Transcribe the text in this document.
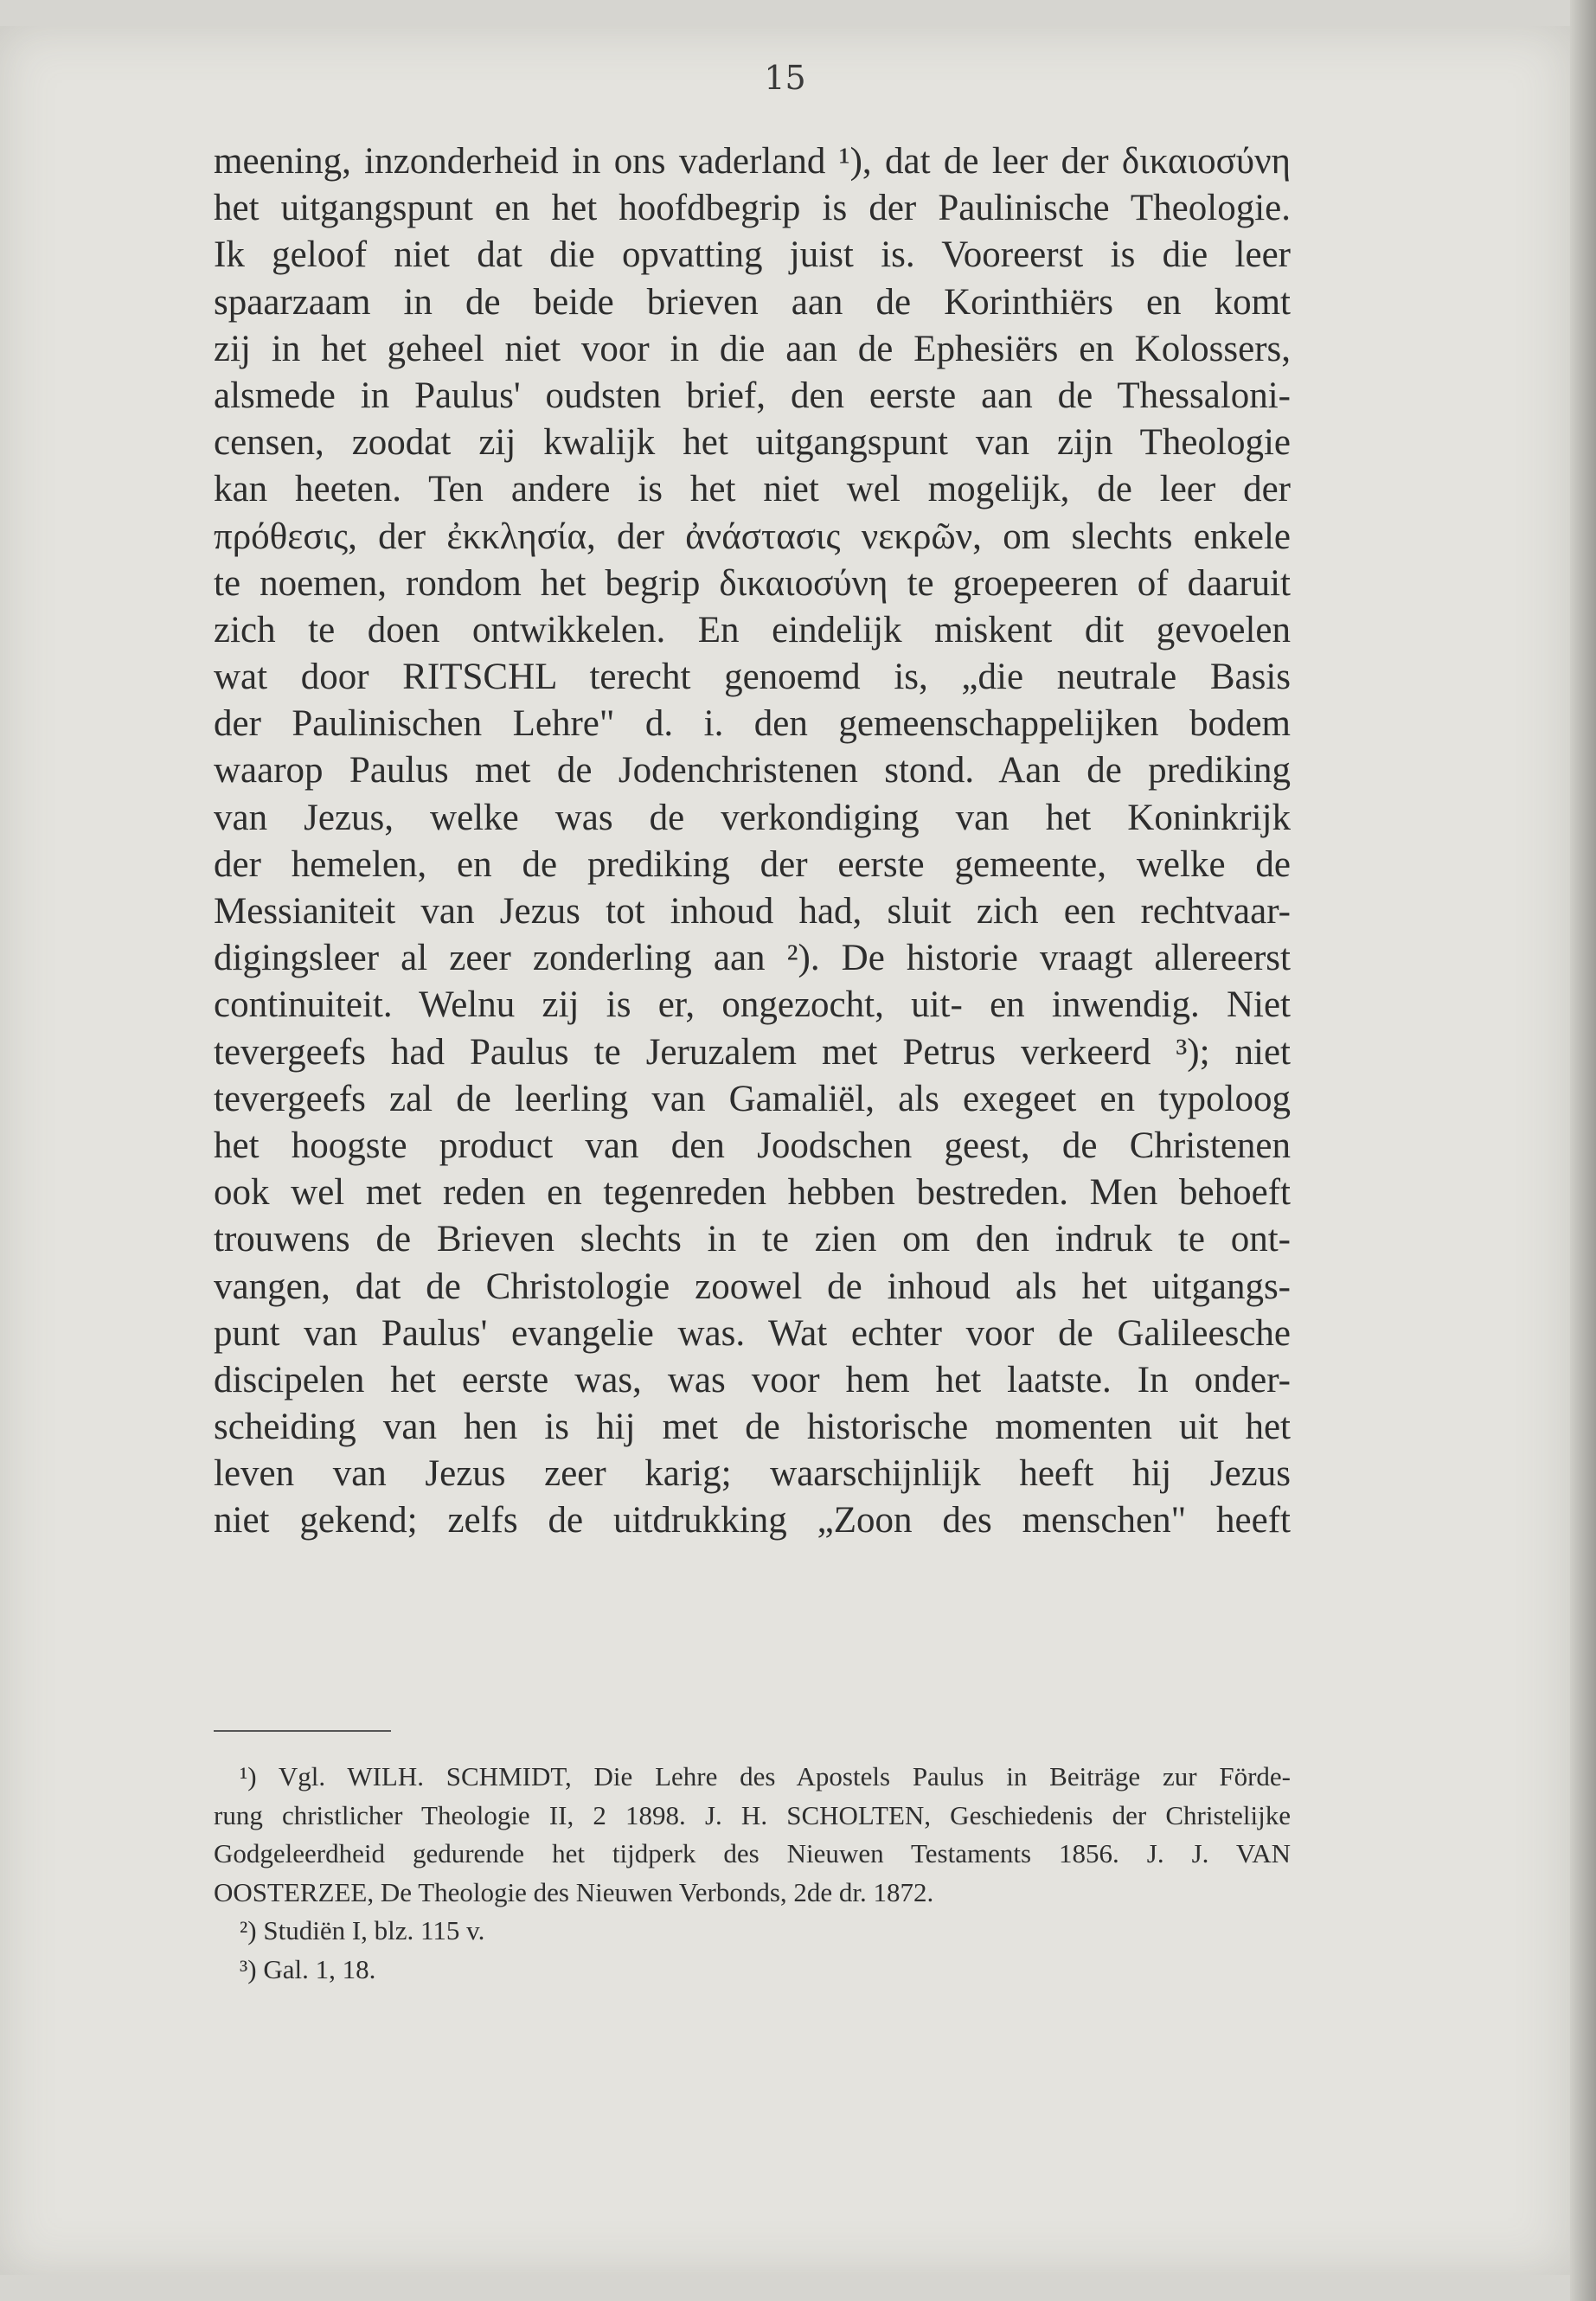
15
meening, inzonderheid in ons vaderland ¹), dat de leer der δικαιοσύνη
het uitgangspunt en het hoofdbegrip is der Paulinische Theologie.
Ik geloof niet dat die opvatting juist is. Vooreerst is die leer
spaarzaam in de beide brieven aan de Korinthiërs en komt
zij in het geheel niet voor in die aan de Ephesiërs en Kolossers,
alsmede in Paulus' oudsten brief, den eerste aan de Thessaloni-
censen, zoodat zij kwalijk het uitgangspunt van zijn Theologie
kan heeten. Ten andere is het niet wel mogelijk, de leer der
πρόθεσις, der ἐκκλησία, der ἀνάστασις νεκρῶν, om slechts enkele
te noemen, rondom het begrip δικαιοσύνη te groepeeren of daaruit
zich te doen ontwikkelen. En eindelijk miskent dit gevoelen
wat door RITSCHL terecht genoemd is, „die neutrale Basis
der Paulinischen Lehre" d. i. den gemeenschappelijken bodem
waarop Paulus met de Jodenchristenen stond. Aan de prediking
van Jezus, welke was de verkondiging van het Koninkrijk
der hemelen, en de prediking der eerste gemeente, welke de
Messianiteit van Jezus tot inhoud had, sluit zich een rechtvaar-
digingsleer al zeer zonderling aan ²). De historie vraagt allereerst
continuiteit. Welnu zij is er, ongezocht, uit- en inwendig. Niet
tevergeefs had Paulus te Jeruzalem met Petrus verkeerd ³); niet
tevergeefs zal de leerling van Gamaliël, als exegeet en typoloog
het hoogste product van den Joodschen geest, de Christenen
ook wel met reden en tegenreden hebben bestreden. Men behoeft
trouwens de Brieven slechts in te zien om den indruk te ont-
vangen, dat de Christologie zoowel de inhoud als het uitgangs-
punt van Paulus' evangelie was. Wat echter voor de Galileesche
discipelen het eerste was, was voor hem het laatste. In onder-
scheiding van hen is hij met de historische momenten uit het
leven van Jezus zeer karig; waarschijnlijk heeft hij Jezus
niet gekend; zelfs de uitdrukking „Zoon des menschen" heeft
¹) Vgl. WILH. SCHMIDT, Die Lehre des Apostels Paulus in Beiträge zur Förde-
rung christlicher Theologie II, 2 1898. J. H. SCHOLTEN, Geschiedenis der Christelijke
Godgeleerdheid gedurende het tijdperk des Nieuwen Testaments 1856. J. J. VAN
OOSTERZEE, De Theologie des Nieuwen Verbonds, 2de dr. 1872.
²) Studiën I, blz. 115 v.
³) Gal. 1, 18.
